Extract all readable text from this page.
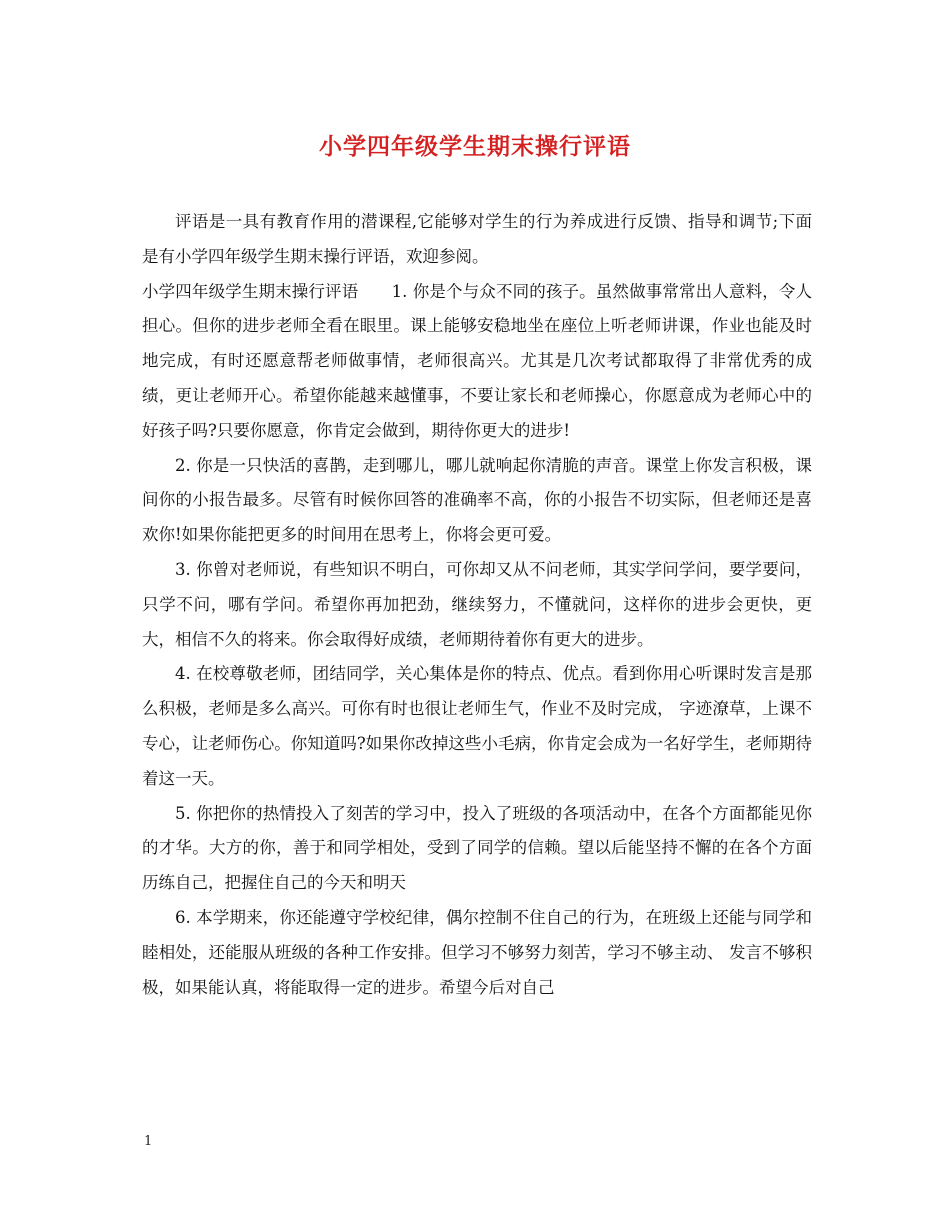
小学四年级学生期末操行评语

评语是一具有教育作用的潜课程,它能够对学生的行为养成进行反馈、指导和调节;下面是有小学四年级学生期末操行评语，欢迎参阅。

小学四年级学生期末操行评语　　1. 你是个与众不同的孩子。虽然做事常常出人意料，令人担心。但你的进步老师全看在眼里。课上能够安稳地坐在座位上听老师讲课，作业也能及时地完成，有时还愿意帮老师做事情，老师很高兴。尤其是几次考试都取得了非常优秀的成绩，更让老师开心。希望你能越来越懂事，不要让家长和老师操心，你愿意成为老师心中的好孩子吗?只要你愿意，你肯定会做到，期待你更大的进步!

2. 你是一只快活的喜鹊，走到哪儿，哪儿就响起你清脆的声音。课堂上你发言积极，课间你的小报告最多。尽管有时候你回答的准确率不高，你的小报告不切实际，但老师还是喜欢你!如果你能把更多的时间用在思考上，你将会更可爱。

3. 你曾对老师说，有些知识不明白，可你却又从不问老师，其实学问学问，要学要问，只学不问，哪有学问。希望你再加把劲，继续努力，不懂就问，这样你的进步会更快，更大，相信不久的将来。你会取得好成绩，老师期待着你有更大的进步。

4. 在校尊敬老师，团结同学，关心集体是你的特点、优点。看到你用心听课时发言是那么积极，老师是多么高兴。可你有时也很让老师生气，作业不及时完成， 字迹潦草，上课不专心，让老师伤心。你知道吗?如果你改掉这些小毛病，你肯定会成为一名好学生，老师期待着这一天。

5. 你把你的热情投入了刻苦的学习中，投入了班级的各项活动中，在各个方面都能见你的才华。大方的你，善于和同学相处，受到了同学的信赖。望以后能坚持不懈的在各个方面历练自己，把握住自己的今天和明天

6. 本学期来，你还能遵守学校纪律，偶尔控制不住自己的行为，在班级上还能与同学和睦相处，还能服从班级的各种工作安排。但学习不够努力刻苦，学习不够主动、 发言不够积极，如果能认真，将能取得一定的进步。希望今后对自己

1
